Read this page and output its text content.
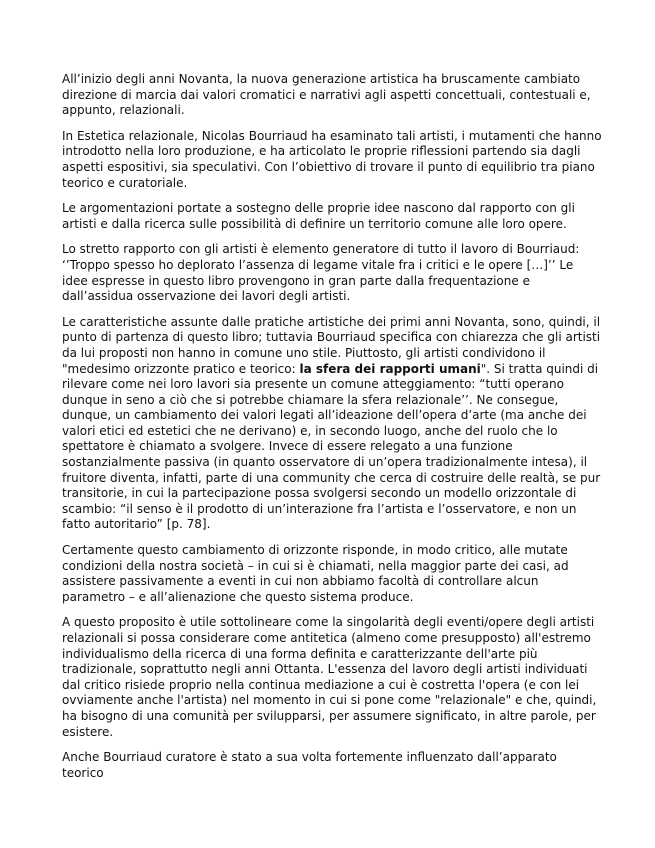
All’inizio degli anni Novanta, la nuova generazione artistica ha bruscamente cambiato direzione di marcia dai valori cromatici e narrativi agli aspetti concettuali, contestuali e, appunto, relazionali.

In Estetica relazionale, Nicolas Bourriaud ha esaminato tali artisti, i mutamenti che hanno introdotto nella loro produzione, e ha articolato le proprie riflessioni partendo sia dagli aspetti espositivi, sia speculativi. Con l’obiettivo di trovare il punto di equilibrio tra piano teorico e curatoriale.

Le argomentazioni portate a sostegno delle proprie idee nascono dal rapporto con gli artisti e dalla ricerca sulle possibilità di definire un territorio comune alle loro opere.

Lo stretto rapporto con gli artisti è elemento generatore di tutto il lavoro di Bourriaud: ‘’Troppo spesso ho deplorato l’assenza di legame vitale fra i critici e le opere […]’’ Le idee espresse in questo libro provengono in gran parte dalla frequentazione e dall’assidua osservazione dei lavori degli artisti.

Le caratteristiche assunte dalle pratiche artistiche dei primi anni Novanta, sono, quindi, il punto di partenza di questo libro; tuttavia Bourriaud specifica con chiarezza che gli artisti da lui proposti non hanno in comune uno stile. Piuttosto, gli artisti condividono il "medesimo orizzonte pratico e teorico: la sfera dei rapporti umani". Si tratta quindi di rilevare come nei loro lavori sia presente un comune atteggiamento: “tutti operano dunque in seno a ciò che si potrebbe chiamare la sfera relazionale’’. Ne consegue, dunque, un cambiamento dei valori legati all’ideazione dell’opera d’arte (ma anche dei valori etici ed estetici che ne derivano) e, in secondo luogo, anche del ruolo che lo spettatore è chiamato a svolgere. Invece di essere relegato a una funzione sostanzialmente passiva (in quanto osservatore di un’opera tradizionalmente intesa), il fruitore diventa, infatti, parte di una community che cerca di costruire delle realtà, se pur transitorie, in cui la partecipazione possa svolgersi secondo un modello orizzontale di scambio: “il senso è il prodotto di un’interazione fra l’artista e l’osservatore, e non un fatto autoritario” [p. 78].

Certamente questo cambiamento di orizzonte risponde, in modo critico, alle mutate condizioni della nostra società – in cui si è chiamati, nella maggior parte dei casi, ad assistere passivamente a eventi in cui non abbiamo facoltà di controllare alcun parametro – e all’alienazione che questo sistema produce.

A questo proposito è utile sottolineare come la singolarità degli eventi/opere degli artisti relazionali si possa considerare come antitetica (almeno come presupposto) all'estremo individualismo della ricerca di una forma definita e caratterizzante dell'arte più tradizionale, soprattutto negli anni Ottanta. L'essenza del lavoro degli artisti individuati dal critico risiede proprio nella continua mediazione a cui è costretta l'opera (e con lei ovviamente anche l'artista) nel momento in cui si pone come "relazionale" e che, quindi, ha bisogno di una comunità per svilupparsi, per assumere significato, in altre parole, per esistere.

Anche Bourriaud curatore è stato a sua volta fortemente influenzato dall’apparato teorico
